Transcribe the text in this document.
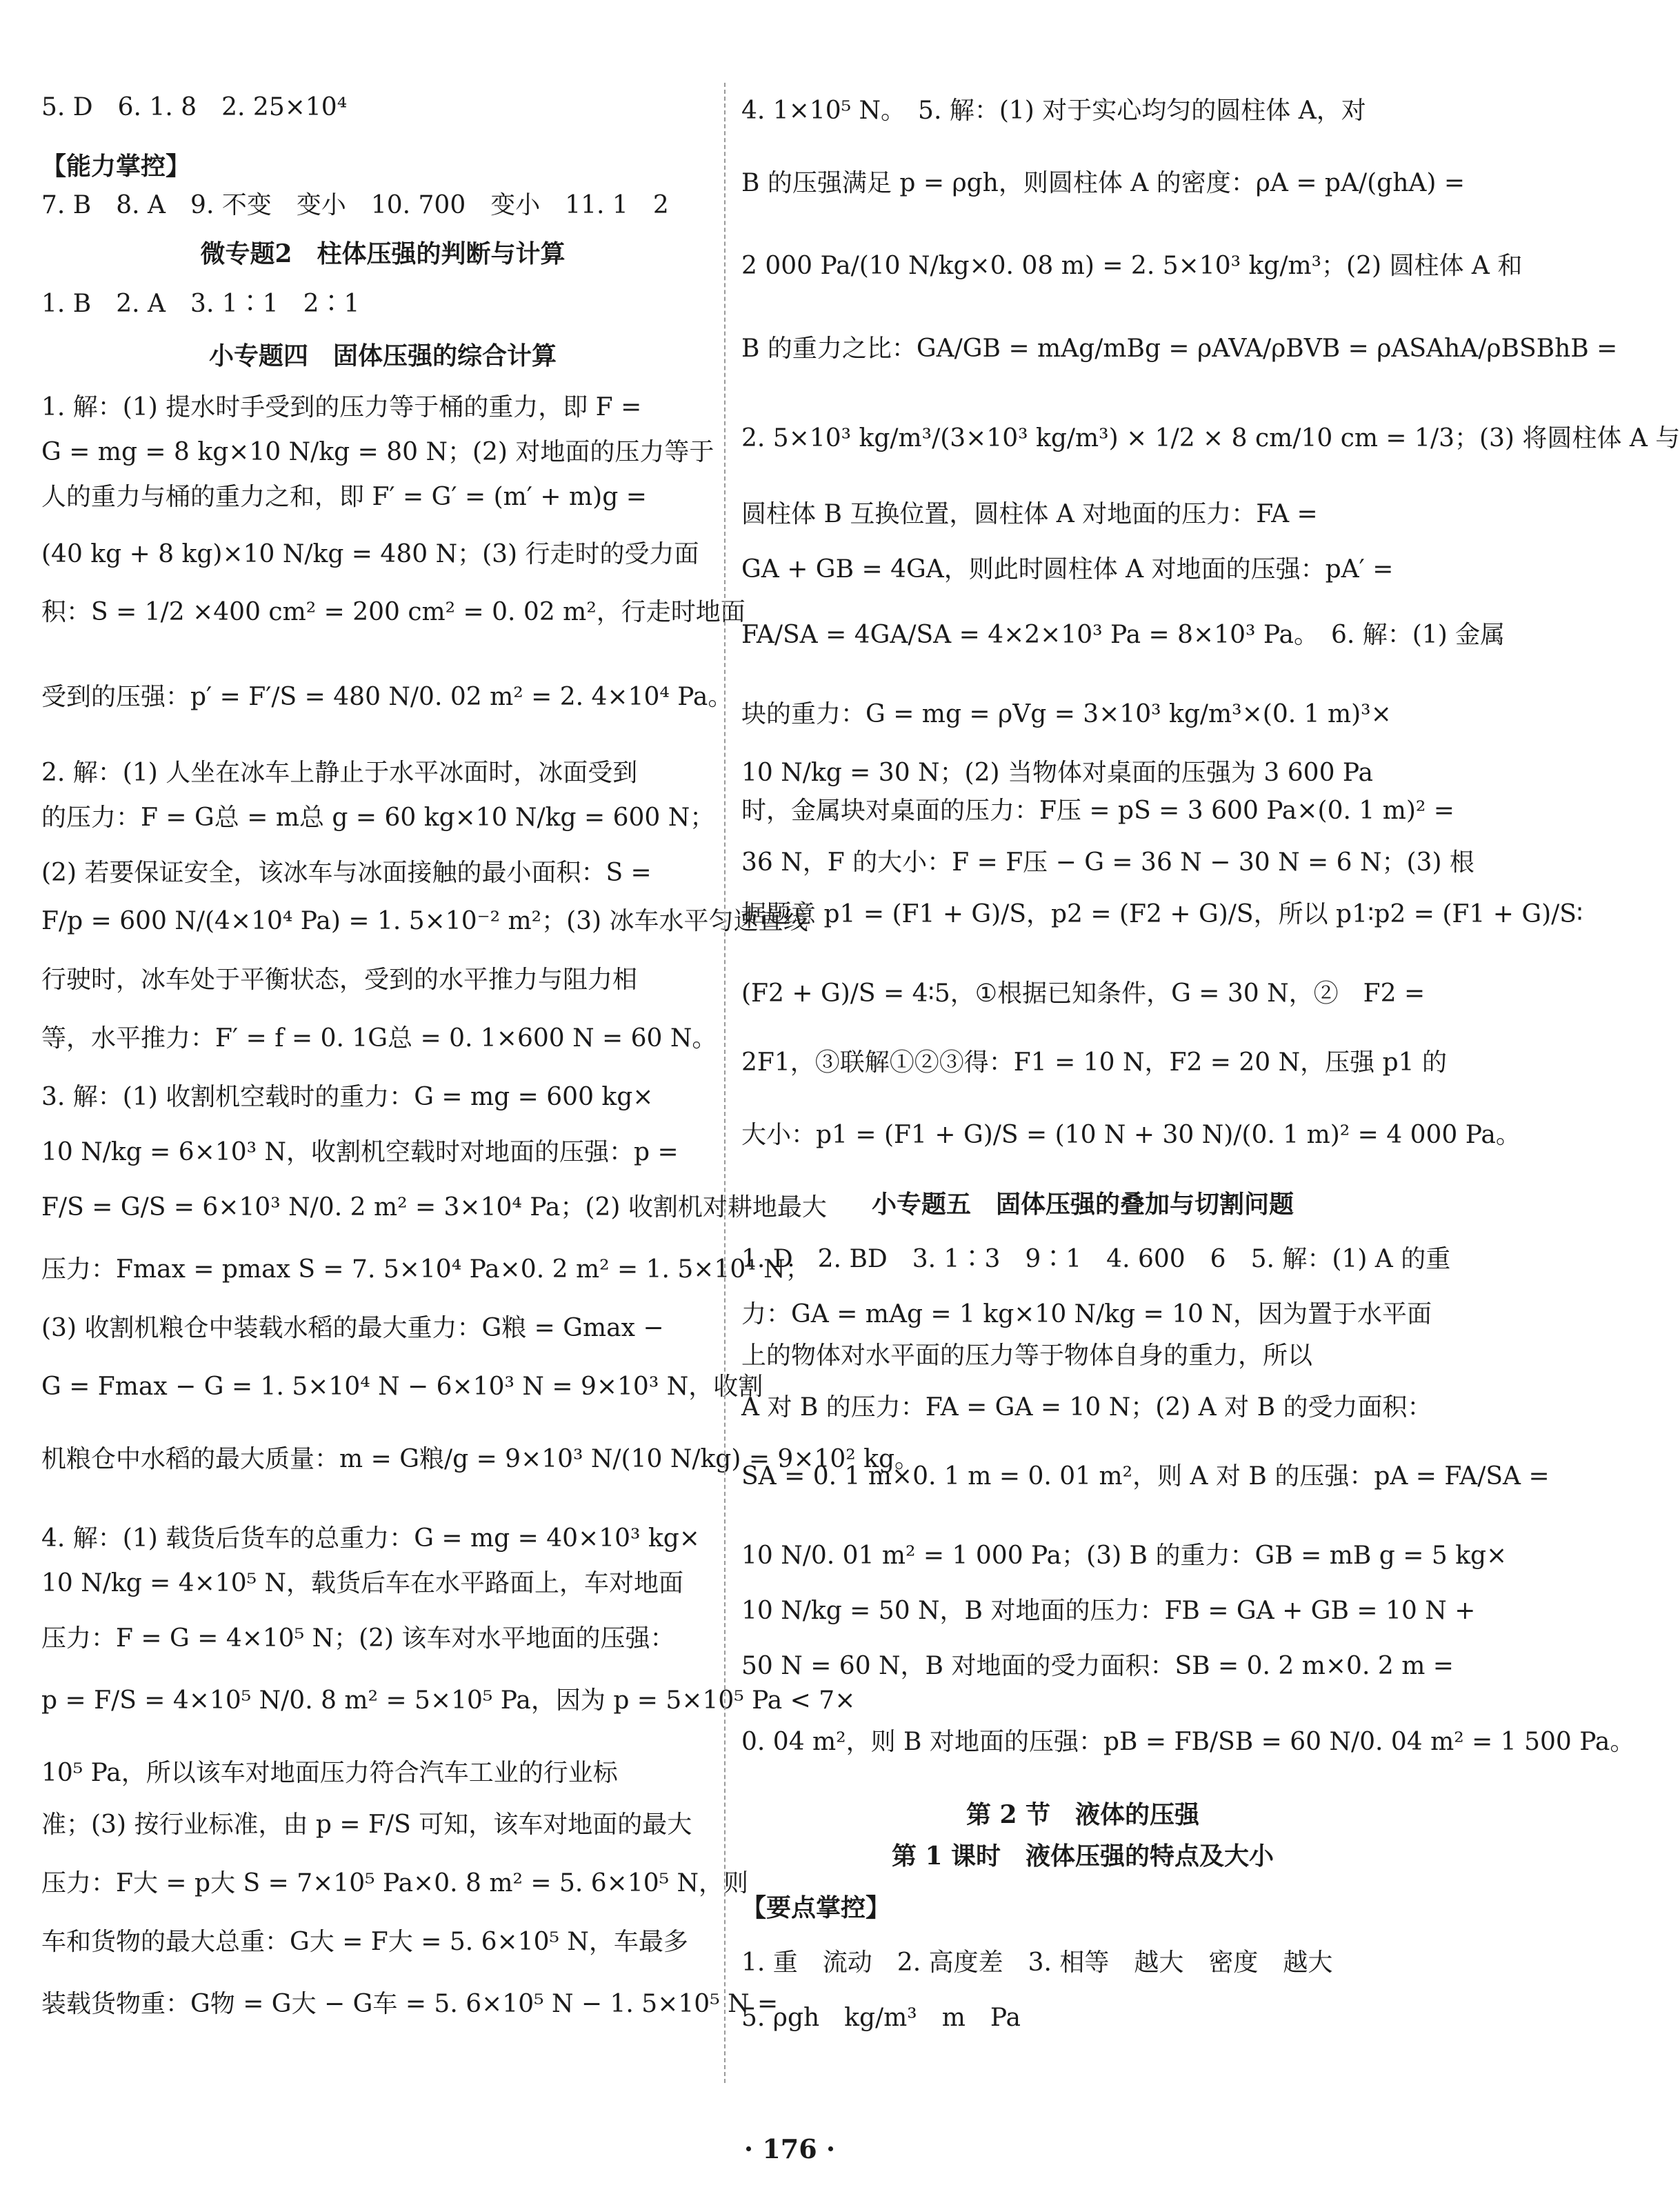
5. D　6. 1. 8　2. 25×10⁴
【能力掌控】
7. B　8. A　9. 不变　变小　10. 700　变小　11. 1　2
微专题2　柱体压强的判断与计算
1. B　2. A　3. 1∶1　2∶1
小专题四　固体压强的综合计算
1. 解：(1) 提水时手受到的压力等于桶的重力，即 F =
G = mg = 8 kg×10 N/kg = 80 N；(2) 对地面的压力等于
人的重力与桶的重力之和，即 F′ = G′ = (m′ + m)g =
(40 kg + 8 kg)×10 N/kg = 480 N；(3) 行走时的受力面
积：S = 1/2 ×400 cm² = 200 cm² = 0. 02 m²，行走时地面
受到的压强：p′ = F′/S = 480 N/0. 02 m² = 2. 4×10⁴ Pa。
2. 解：(1) 人坐在冰车上静止于水平冰面时，冰面受到
的压力：F = G总 = m总 g = 60 kg×10 N/kg = 600 N；
(2) 若要保证安全，该冰车与冰面接触的最小面积：S =
F/p = 600 N/(4×10⁴ Pa) = 1. 5×10⁻² m²；(3) 冰车水平匀速直线
行驶时，冰车处于平衡状态，受到的水平推力与阻力相
等，水平推力：F′ = f = 0. 1G总 = 0. 1×600 N = 60 N。
3. 解：(1) 收割机空载时的重力：G = mg = 600 kg×
10 N/kg = 6×10³ N，收割机空载时对地面的压强：p =
F/S = G/S = 6×10³ N/0. 2 m² = 3×10⁴ Pa；(2) 收割机对耕地最大
压力：Fmax = pmax S = 7. 5×10⁴ Pa×0. 2 m² = 1. 5×10⁴ N；
(3) 收割机粮仓中装载水稻的最大重力：G粮 = Gmax −
G = Fmax − G = 1. 5×10⁴ N − 6×10³ N = 9×10³ N，收割
机粮仓中水稻的最大质量：m = G粮/g = 9×10³ N/(10 N/kg) = 9×10² kg。
4. 解：(1) 载货后货车的总重力：G = mg = 40×10³ kg×
10 N/kg = 4×10⁵ N，载货后车在水平路面上，车对地面
压力：F = G = 4×10⁵ N；(2) 该车对水平地面的压强：
p = F/S = 4×10⁵ N/0. 8 m² = 5×10⁵ Pa，因为 p = 5×10⁵ Pa < 7×
10⁵ Pa，所以该车对地面压力符合汽车工业的行业标
准；(3) 按行业标准，由 p = F/S 可知，该车对地面的最大
压力：F大 = p大 S = 7×10⁵ Pa×0. 8 m² = 5. 6×10⁵ N，则
车和货物的最大总重：G大 = F大 = 5. 6×10⁵ N，车最多
装载货物重：G物 = G大 − G车 = 5. 6×10⁵ N − 1. 5×10⁵ N =
4. 1×10⁵ N。　5. 解：(1) 对于实心均匀的圆柱体 A，对
B 的压强满足 p = ρgh，则圆柱体 A 的密度：ρA = pA/(ghA) =
2 000 Pa/(10 N/kg×0. 08 m) = 2. 5×10³ kg/m³；(2) 圆柱体 A 和
B 的重力之比：GA/GB = mAg/mBg = ρAVA/ρBVB = ρASAhA/ρBSBhB =
2. 5×10³ kg/m³/(3×10³ kg/m³) × 1/2 × 8 cm/10 cm = 1/3；(3) 将圆柱体 A 与
圆柱体 B 互换位置，圆柱体 A 对地面的压力：FA =
GA + GB = 4GA，则此时圆柱体 A 对地面的压强：pA′ =
FA/SA = 4GA/SA = 4×2×10³ Pa = 8×10³ Pa。　6. 解：(1) 金属
块的重力：G = mg = ρVg = 3×10³ kg/m³×(0. 1 m)³×
10 N/kg = 30 N；(2) 当物体对桌面的压强为 3 600 Pa
时，金属块对桌面的压力：F压 = pS = 3 600 Pa×(0. 1 m)² =
36 N，F 的大小：F = F压 − G = 36 N − 30 N = 6 N；(3) 根
据题意 p1 = (F1 + G)/S，p2 = (F2 + G)/S，所以 p1∶p2 = (F1 + G)/S∶
(F2 + G)/S = 4∶5，①根据已知条件，G = 30 N，②　F2 =
2F1，③联解①②③得：F1 = 10 N，F2 = 20 N，压强 p1 的
大小：p1 = (F1 + G)/S = (10 N + 30 N)/(0. 1 m)² = 4 000 Pa。
小专题五　固体压强的叠加与切割问题
1. D　2. BD　3. 1∶3　9∶1　4. 600　6　5. 解：(1) A 的重
力：GA = mAg = 1 kg×10 N/kg = 10 N，因为置于水平面
上的物体对水平面的压力等于物体自身的重力，所以
A 对 B 的压力：FA = GA = 10 N；(2) A 对 B 的受力面积：
SA = 0. 1 m×0. 1 m = 0. 01 m²，则 A 对 B 的压强：pA = FA/SA =
10 N/0. 01 m² = 1 000 Pa；(3) B 的重力：GB = mB g = 5 kg×
10 N/kg = 50 N，B 对地面的压力：FB = GA + GB = 10 N +
50 N = 60 N，B 对地面的受力面积：SB = 0. 2 m×0. 2 m =
0. 04 m²，则 B 对地面的压强：pB = FB/SB = 60 N/0. 04 m² = 1 500 Pa。
第 2 节　液体的压强
第 1 课时　液体压强的特点及大小
【要点掌控】
1. 重　流动　2. 高度差　3. 相等　越大　密度　越大
5. ρgh　kg/m³　m　Pa
· 176 ·
